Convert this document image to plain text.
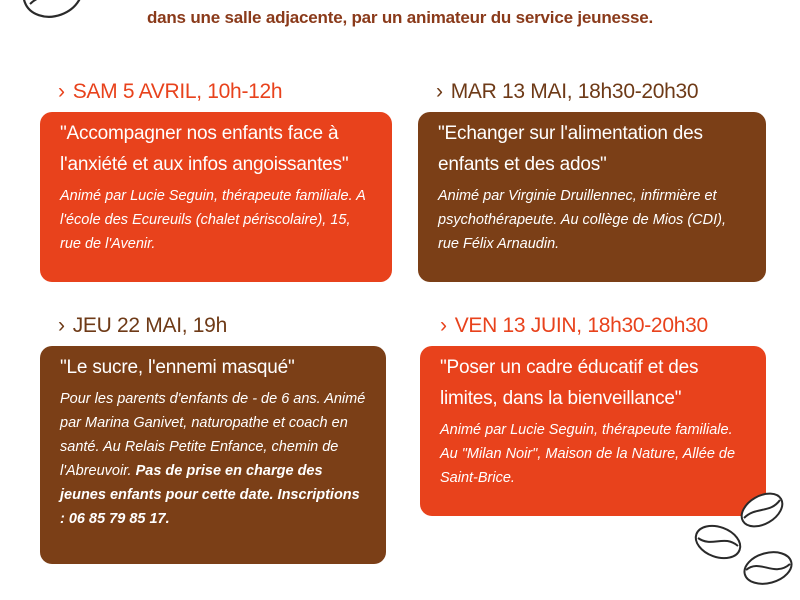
dans une salle adjacente, par un animateur du service jeunesse.
› SAM 5 AVRIL, 10h-12h

"Accompagner nos enfants face à l'anxiété et aux infos angoissantes"

Animé par Lucie Seguin, thérapeute familiale. A l'école des Ecureuils (chalet périscolaire), 15, rue de l'Avenir.
› MAR 13 MAI, 18h30-20h30

"Echanger sur l'alimentation des enfants et des ados"

Animé par Virginie Druillennec, infirmière et psychothérapeute. Au collège de Mios (CDI), rue Félix Arnaudin.
› JEU 22 MAI, 19h

"Le sucre, l'ennemi masqué"

Pour les parents d'enfants de - de 6 ans. Animé par Marina Ganivet, naturopathe et coach en santé. Au Relais Petite Enfance, chemin de l'Abreuvoir. Pas de prise en charge des jeunes enfants pour cette date. Inscriptions : 06 85 79 85 17.
› VEN 13 JUIN, 18h30-20h30

"Poser un cadre éducatif et des limites, dans la bienveillance"

Animé par Lucie Seguin, thérapeute familiale. Au "Milan Noir", Maison de la Nature, Allée de Saint-Brice.
